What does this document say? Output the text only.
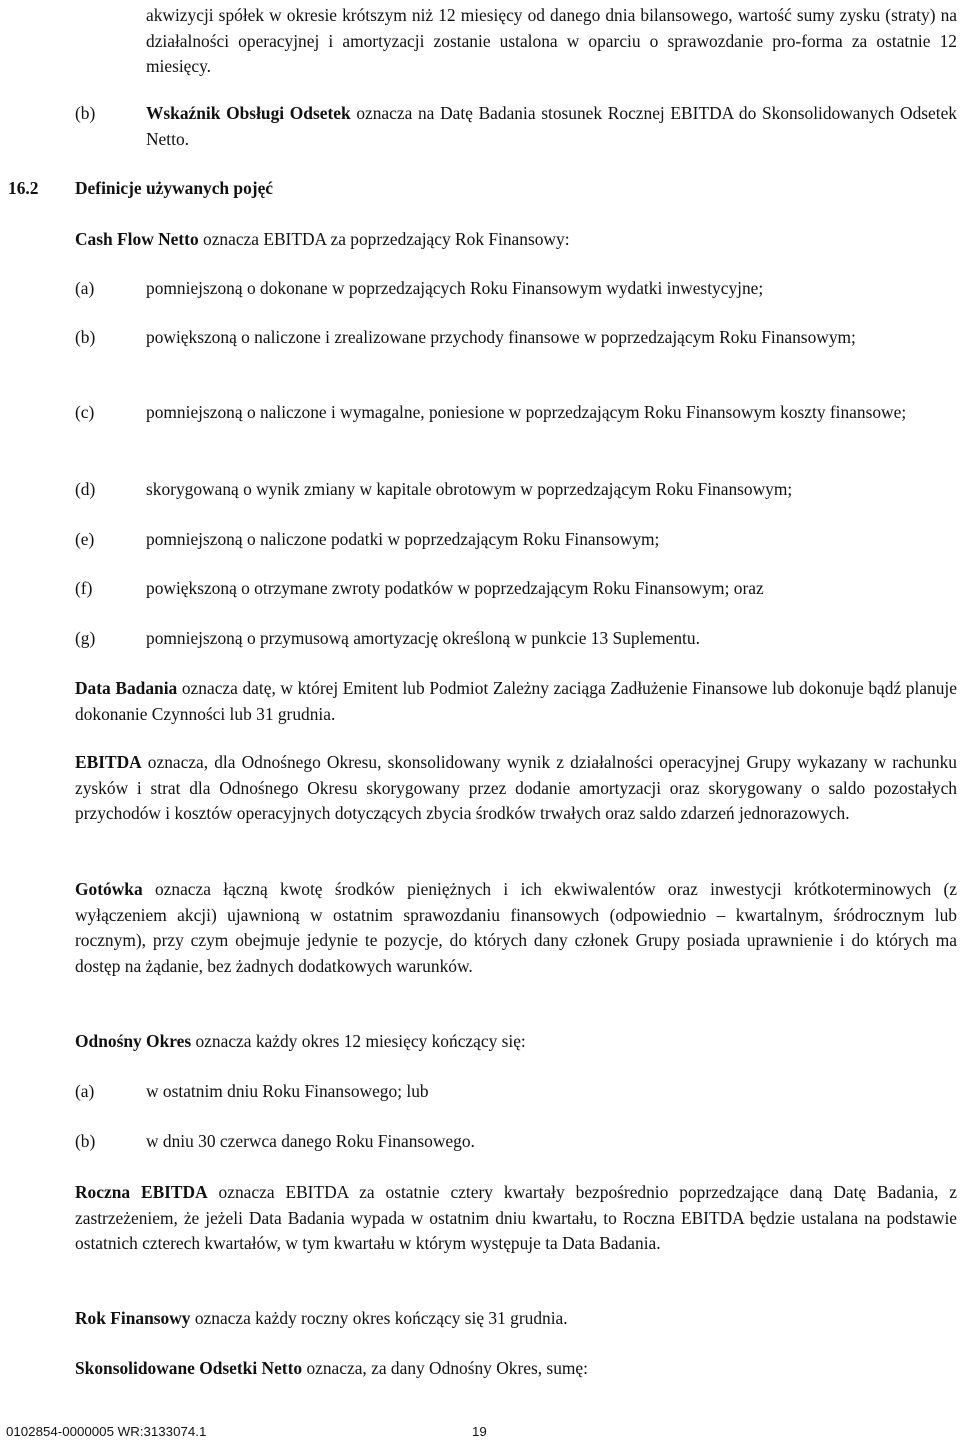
akwizycji spółek w okresie krótszym niż 12 miesięcy od danego dnia bilansowego, wartość sumy zysku (straty) na działalności operacyjnej i amortyzacji zostanie ustalona w oparciu o sprawozdanie pro-forma za ostatnie 12 miesięcy.
(b)	Wskaźnik Obsługi Odsetek oznacza na Datę Badania stosunek Rocznej EBITDA do Skonsolidowanych Odsetek Netto.
16.2 Definicje używanych pojęć
Cash Flow Netto oznacza EBITDA za poprzedzający Rok Finansowy:
(a)	pomniejszoną o dokonane w poprzedzających Roku Finansowym wydatki inwestycyjne;
(b)	powiększoną o naliczone i zrealizowane przychody finansowe w poprzedzającym Roku Finansowym;
(c)	pomniejszoną o naliczone i wymagalne, poniesione w poprzedzającym Roku Finansowym koszty finansowe;
(d)	skorygowaną o wynik zmiany w kapitale obrotowym w poprzedzającym Roku Finansowym;
(e)	pomniejszoną o naliczone podatki w poprzedzającym Roku Finansowym;
(f)	powiększoną o otrzymane zwroty podatków w poprzedzającym Roku Finansowym; oraz
(g)	pomniejszoną o przymusową amortyzację określoną w punkcie 13 Suplementu.
Data Badania oznacza datę, w której Emitent lub Podmiot Zależny zaciąga Zadłużenie Finansowe lub dokonuje bądź planuje dokonanie Czynności lub 31 grudnia.
EBITDA oznacza, dla Odnośnego Okresu, skonsolidowany wynik z działalności operacyjnej Grupy wykazany w rachunku zysków i strat dla Odnośnego Okresu skorygowany przez dodanie amortyzacji oraz skorygowany o saldo pozostałych przychodów i kosztów operacyjnych dotyczących zbycia środków trwałych oraz saldo zdarzeń jednorazowych.
Gotówka oznacza łączną kwotę środków pieniężnych i ich ekwiwalentów oraz inwestycji krótkoterminowych (z wyłączeniem akcji) ujawnioną w ostatnim sprawozdaniu finansowych (odpowiednio – kwartalnym, śródrocznym lub rocznym), przy czym obejmuje jedynie te pozycje, do których dany członek Grupy posiada uprawnienie i do których ma dostęp na żądanie, bez żadnych dodatkowych warunków.
Odnośny Okres oznacza każdy okres 12 miesięcy kończący się:
(a)	w ostatnim dniu Roku Finansowego; lub
(b)	w dniu 30 czerwca danego Roku Finansowego.
Roczna EBITDA oznacza EBITDA za ostatnie cztery kwartały bezpośrednio poprzedzające daną Datę Badania, z zastrzeżeniem, że jeżeli Data Badania wypada w ostatnim dniu kwartału, to Roczna EBITDA będzie ustalana na podstawie ostatnich czterech kwartałów, w tym kwartału w którym występuje ta Data Badania.
Rok Finansowy oznacza każdy roczny okres kończący się 31 grudnia.
Skonsolidowane Odsetki Netto oznacza, za dany Odnośny Okres, sumę:
0102854-0000005 WR:3133074.1	19
